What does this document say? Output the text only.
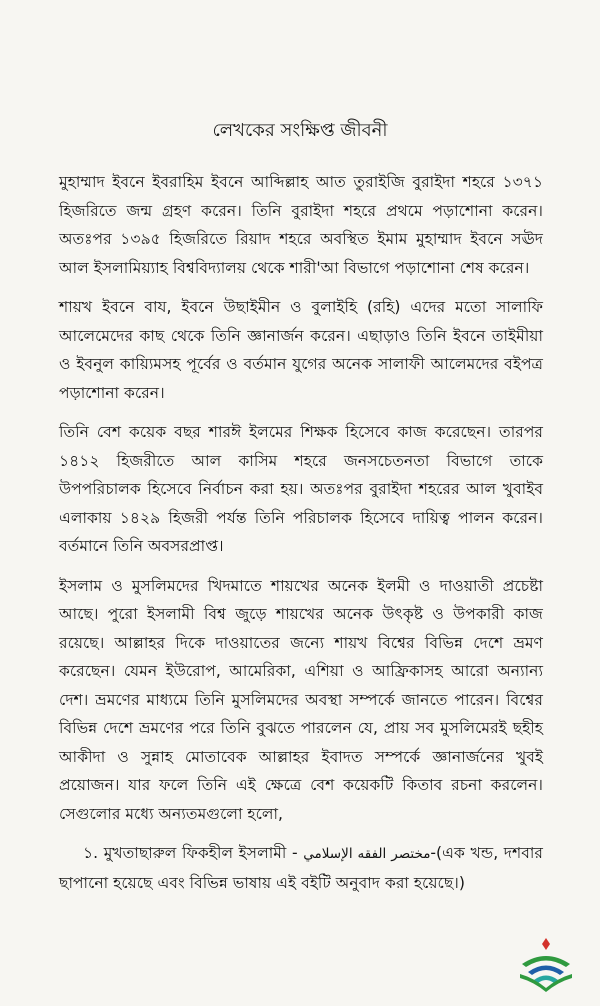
লেখকের সংক্ষিপ্ত জীবনী

মুহাম্মাদ ইবনে ইবরাহিম ইবনে আব্দিল্লাহ আত তুরাইজি বুরাইদা শহরে ১৩৭১ হিজরিতে জন্ম গ্রহণ করেন। তিনি বুরাইদা শহরে প্রথমে পড়াশোনা করেন। অতঃপর ১৩৯৫ হিজরিতে রিয়াদ শহরে অবস্থিত ইমাম মুহাম্মাদ ইবনে সঊদ আল ইসলামিয়্যাহ বিশ্ববিদ্যালয় থেকে শারী'আ বিভাগে পড়াশোনা শেষ করেন।

শায়খ ইবনে বায, ইবনে উছাইমীন ও বুলাইহি (রহি) এদের মতো সালাফি আলেমেদের কাছ থেকে তিনি জ্ঞানার্জন করেন। এছাড়াও তিনি ইবনে তাইমীয়া ও ইবনুল কায়্যিমসহ পূর্বের ও বর্তমান যুগের অনেক সালাফী আলেমদের বইপত্র পড়াশোনা করেন।

তিনি বেশ কয়েক বছর শারঈ ইলমের শিক্ষক হিসেবে কাজ করেছেন। তারপর ১৪১২ হিজরীতে আল কাসিম শহরে জনসচেতনতা বিভাগে তাকে উপপরিচালক হিসেবে নির্বাচন করা হয়। অতঃপর বুরাইদা শহরের আল খুবাইব এলাকায় ১৪২৯ হিজরী পর্যন্ত তিনি পরিচালক হিসেবে দায়িত্ব পালন করেন। বর্তমানে তিনি অবসরপ্রাপ্ত।

ইসলাম ও মুসলিমদের খিদমাতে শায়খের অনেক ইলমী ও দাওয়াতী প্রচেষ্টা আছে। পুরো ইসলামী বিশ্ব জুড়ে শায়খের অনেক উৎকৃষ্ট ও উপকারী কাজ রয়েছে। আল্লাহর দিকে দাওয়াতের জন্যে শায়খ বিশ্বের বিভিন্ন দেশে ভ্রমণ করেছেন। যেমন ইউরোপ, আমেরিকা, এশিয়া ও আফ্রিকাসহ আরো অন্যান্য দেশ। ভ্রমণের মাধ্যমে তিনি মুসলিমদের অবস্থা সম্পর্কে জানতে পারেন। বিশ্বের বিভিন্ন দেশে ভ্রমণের পরে তিনি বুঝতে পারলেন যে, প্রায় সব মুসলিমেরই ছহীহ আকীদা ও সুন্নাহ মোতাবেক আল্লাহর ইবাদত সম্পর্কে জ্ঞানার্জনের খুবই প্রয়োজন। যার ফলে তিনি এই ক্ষেত্রে বেশ কয়েকটি কিতাব রচনা করলেন। সেগুলোর মধ্যে অন্যতমগুলো হলো,

১. মুখতাছারুল ফিকহীল ইসলামী - مختصر الفقه الإسلامي-(এক খন্ড, দশবার ছাপানো হয়েছে এবং বিভিন্ন ভাষায় এই বইটি অনুবাদ করা হয়েছে।)
